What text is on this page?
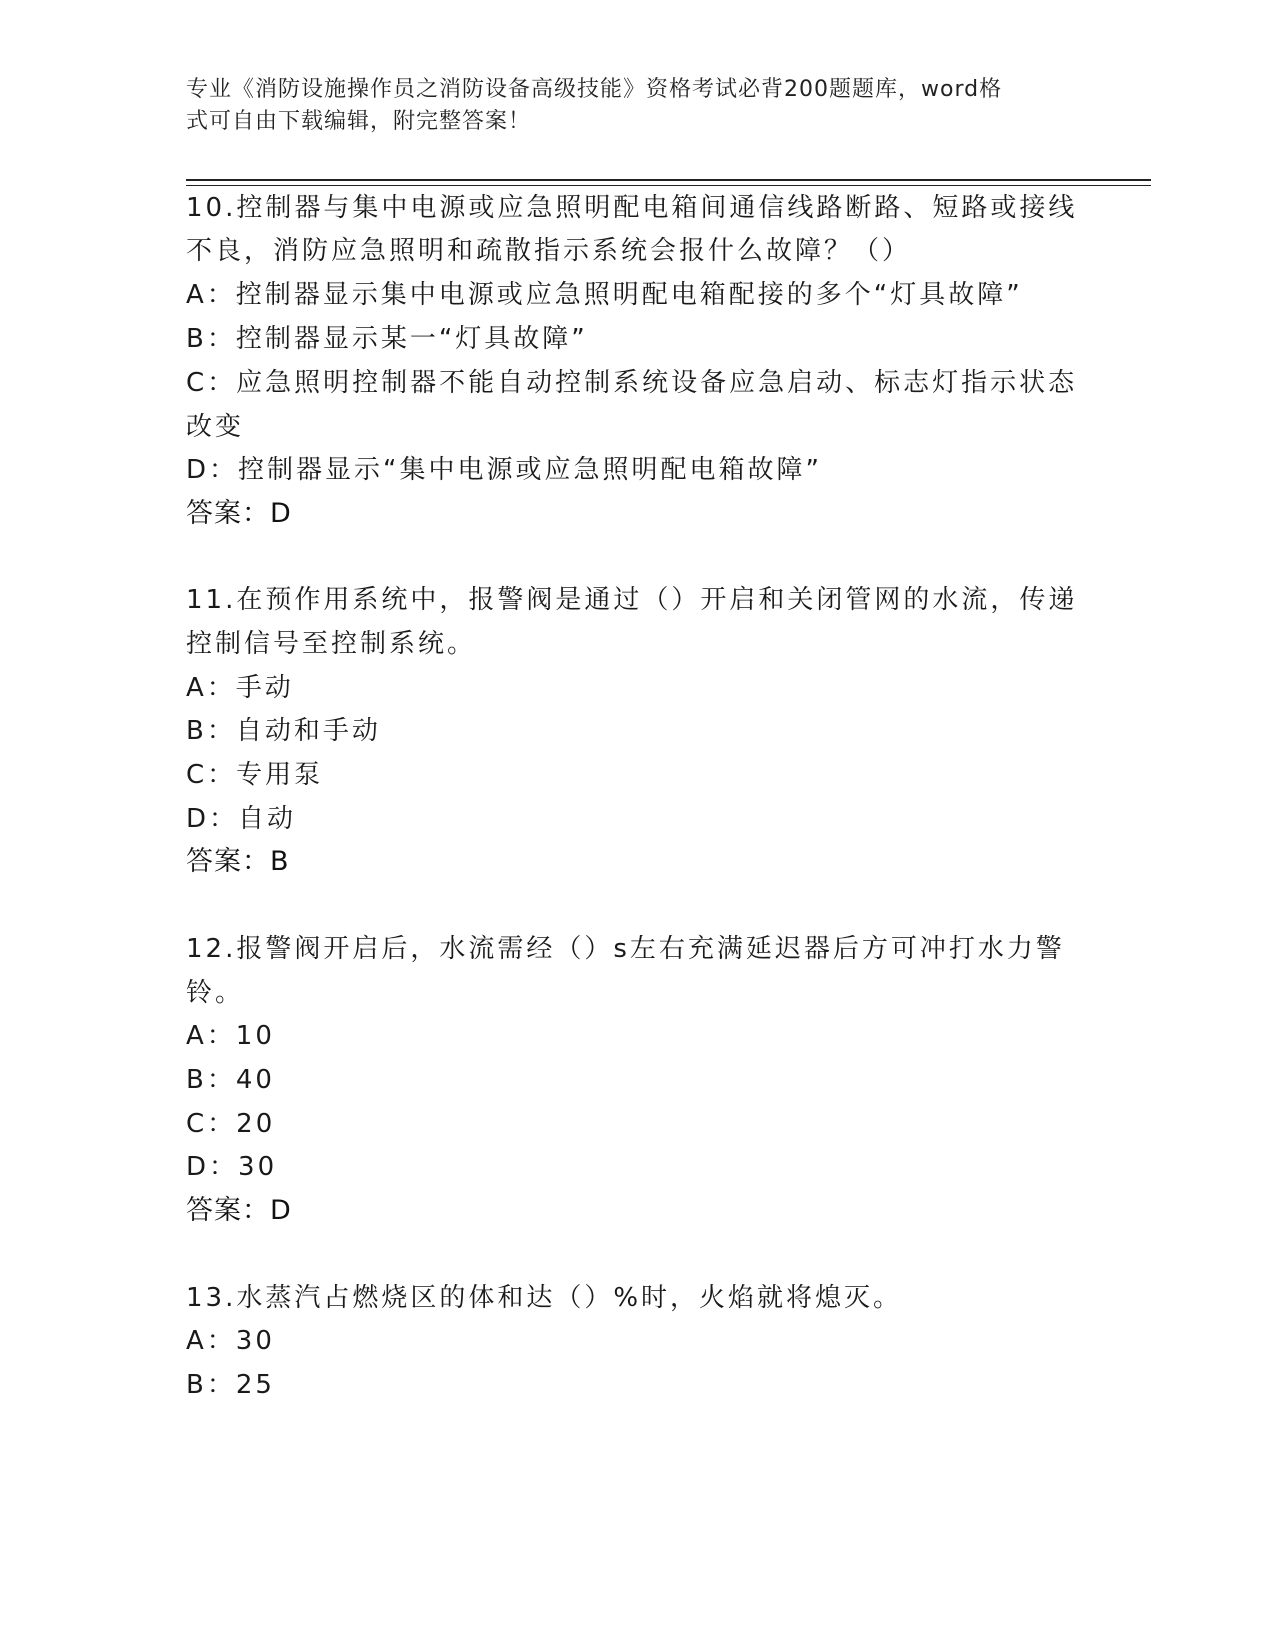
专业《消防设施操作员之消防设备高级技能》资格考试必背200题题库，word格
式可自由下载编辑，附完整答案！
10.控制器与集中电源或应急照明配电箱间通信线路断路、短路或接线
不良，消防应急照明和疏散指示系统会报什么故障？（）
A：控制器显示集中电源或应急照明配电箱配接的多个“灯具故障”
B：控制器显示某一“灯具故障”
C：应急照明控制器不能自动控制系统设备应急启动、标志灯指示状态
改变
D：控制器显示“集中电源或应急照明配电箱故障”
答案：D
11.在预作用系统中，报警阀是通过（）开启和关闭管网的水流，传递
控制信号至控制系统。
A：手动
B：自动和手动
C：专用泵
D：自动
答案：B
12.报警阀开启后，水流需经（）s左右充满延迟器后方可冲打水力警
铃。
A：10
B：40
C：20
D：30
答案：D
13.水蒸汽占燃烧区的体和达（）%时，火焰就将熄灭。
A：30
B：25
